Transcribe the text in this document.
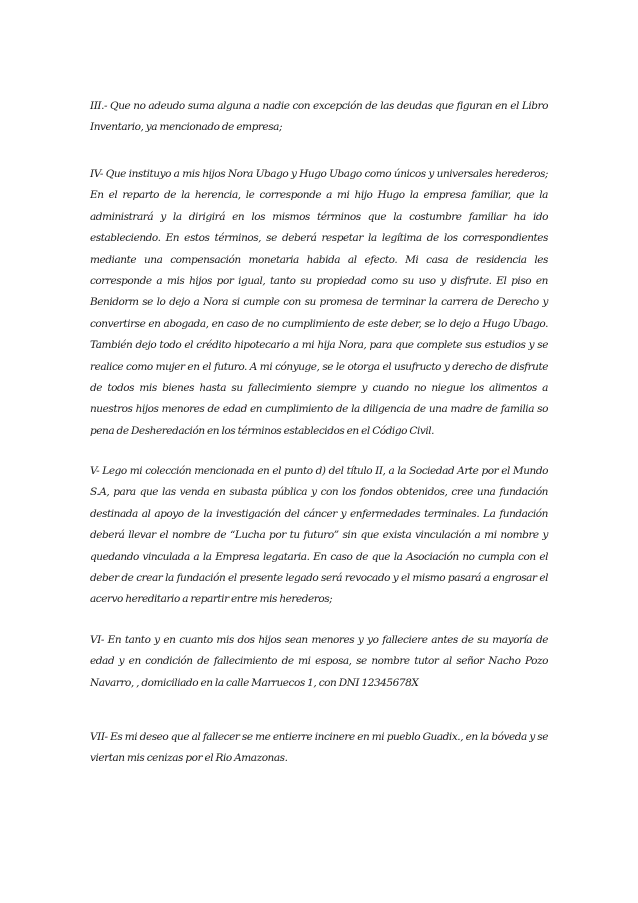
III.- Que no adeudo suma alguna a nadie con excepción de las deudas que figuran en el Libro Inventario, ya mencionado de empresa;

IV- Que instituyo a mis hijos Nora Ubago y Hugo Ubago como únicos y universales herederos; En el reparto de la herencia, le corresponde a mi hijo Hugo la empresa familiar, que la administrará y la dirigirá en los mismos términos que la costumbre familiar ha ido estableciendo. En estos términos, se deberá respetar la legítima de los correspondientes mediante una compensación monetaria habida al efecto. Mi casa de residencia les corresponde a mis hijos por igual, tanto su propiedad como su uso y disfrute. El piso en Benidorm se lo dejo a Nora si cumple con su promesa de terminar la carrera de Derecho y convertirse en abogada, en caso de no cumplimiento de este deber, se lo dejo a Hugo Ubago. También dejo todo el crédito hipotecario a mi hija Nora, para que complete sus estudios y se realice como mujer en el futuro. A mi cónyuge, se le otorga el usufructo y derecho de disfrute de todos mis bienes hasta su fallecimiento siempre y cuando no niegue los alimentos a nuestros hijos menores de edad en cumplimiento de la diligencia de una madre de familia so pena de Desheredación en los términos establecidos en el Código Civil.

V- Lego mi colección mencionada en el punto d) del título II, a la Sociedad Arte por el Mundo S.A, para que las venda en subasta pública y con los fondos obtenidos, cree una fundación destinada al apoyo de la investigación del cáncer y enfermedades terminales. La fundación deberá llevar el nombre de “Lucha por tu futuro” sin que exista vinculación a mi nombre y quedando vinculada a la Empresa legataria. En caso de que la Asociación no cumpla con el deber de crear la fundación el presente legado será revocado y el mismo pasará a engrosar el acervo hereditario a repartir entre mis herederos;

VI- En tanto y en cuanto mis dos hijos sean menores y yo falleciere antes de su mayoría de edad y en condición de fallecimiento de mi esposa, se nombre tutor al señor Nacho Pozo Navarro, , domiciliado en la calle Marruecos 1, con DNI 12345678X

VII- Es mi deseo que al fallecer se me entierre incinere en mi pueblo Guadix., en la bóveda y se viertan mis cenizas por el Rio Amazonas.
